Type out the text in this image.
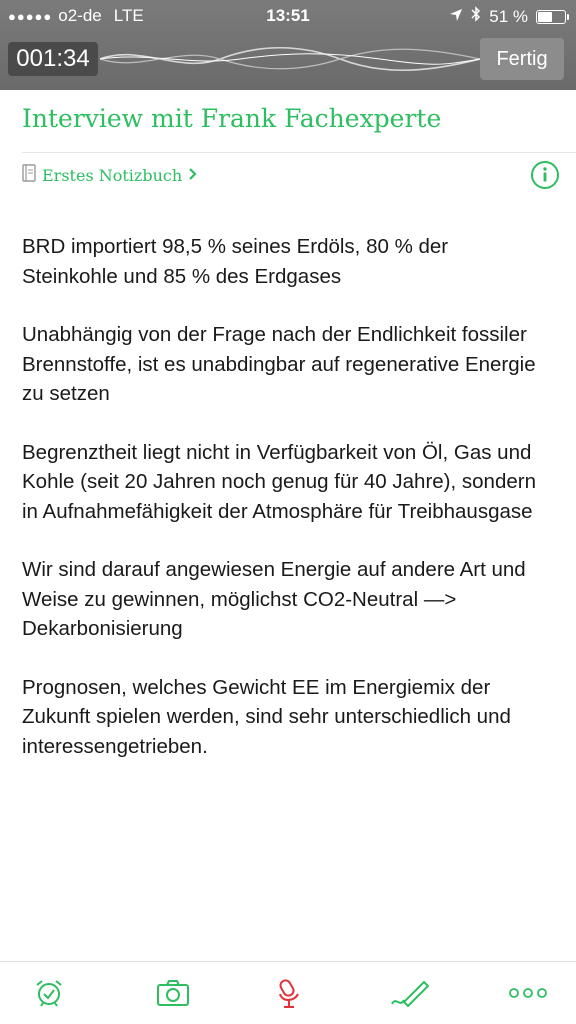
●●●●● o2-de LTE	13:51	51 %
001:34	Fertig
Interview mit Frank Fachexperte
Erstes Notizbuch

BRD importiert 98,5 % seines Erdöls, 80 % der Steinkohle und 85 % des Erdgases

Unabhängig von der Frage nach der Endlichkeit fossiler Brennstoffe, ist es unabdingbar auf regenerative Energie zu setzen

Begrenztheit liegt nicht in Verfügbarkeit von Öl, Gas und Kohle (seit 20 Jahren noch genug für 40 Jahre), sondern in Aufnahmefähigkeit der Atmosphäre für Treibhausgase

Wir sind darauf angewiesen Energie auf andere Art und Weise zu gewinnen, möglichst CO2-Neutral —> Dekarbonisierung

Prognosen, welches Gewicht EE im Energiemix der Zukunft spielen werden, sind sehr unterschiedlich und interessengetrieben.
